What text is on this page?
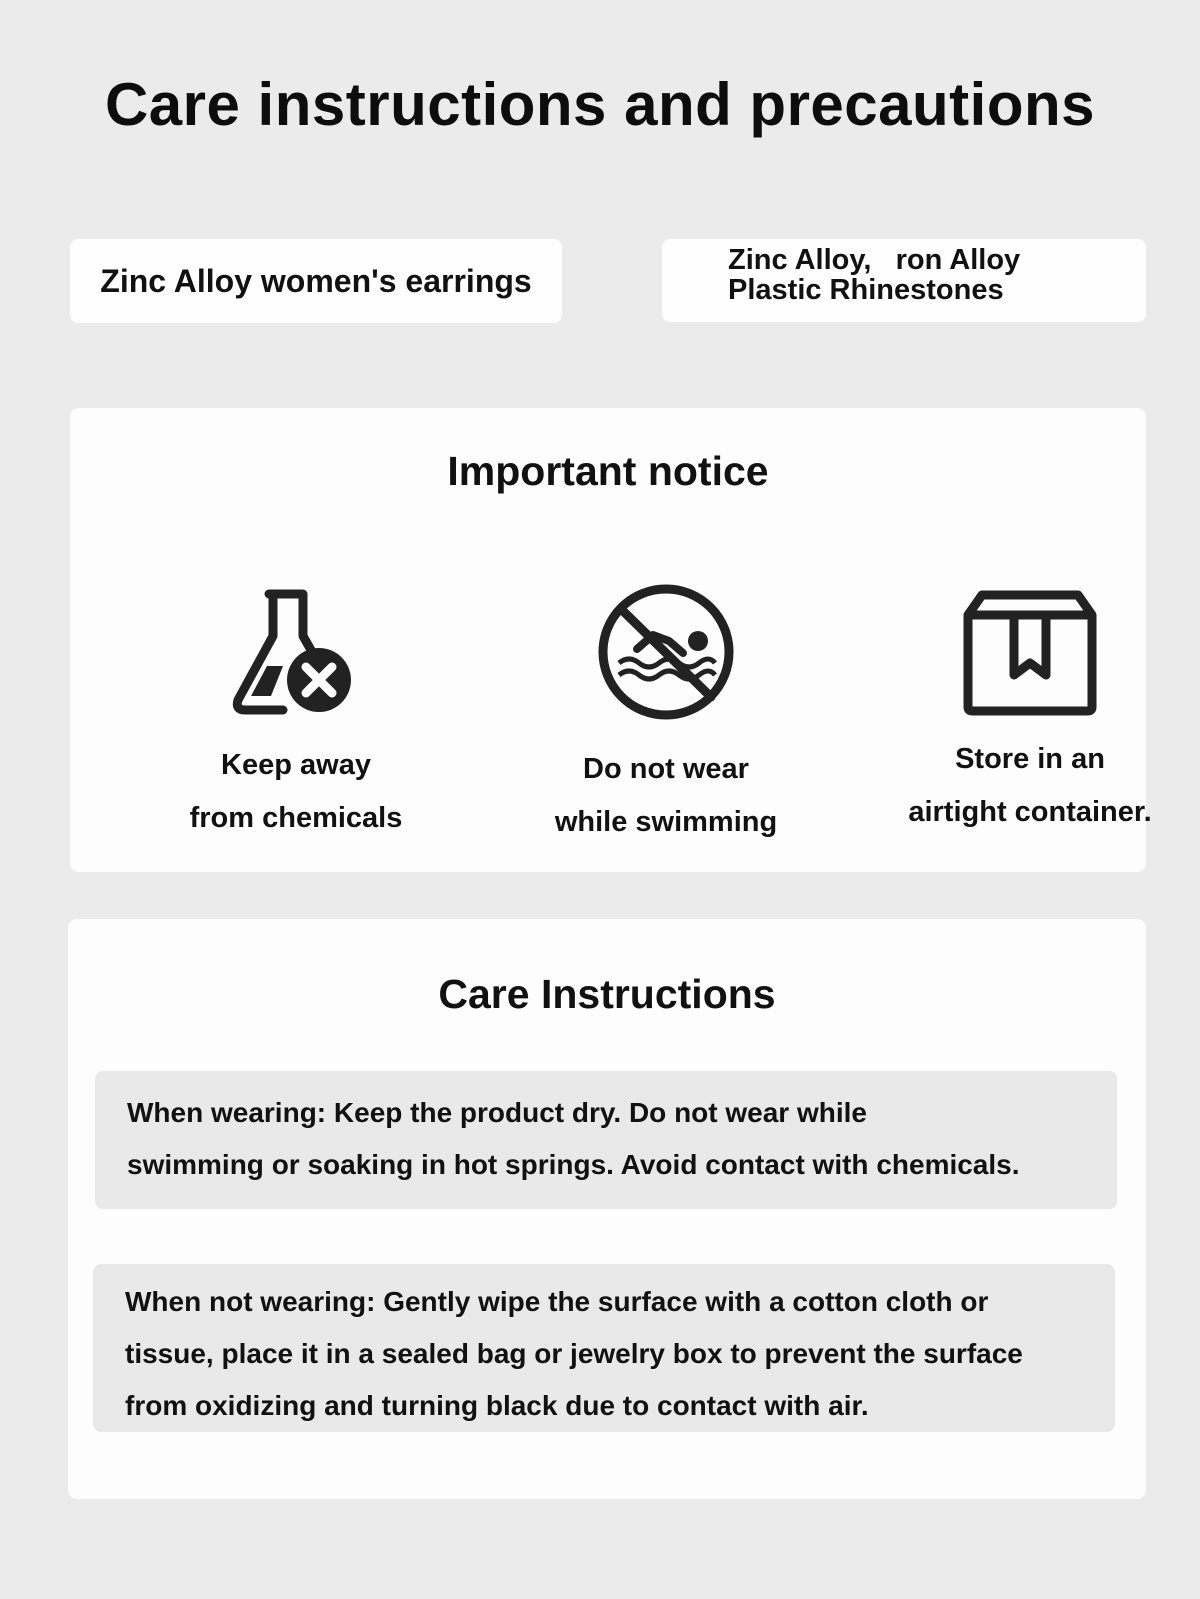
Care instructions and precautions
Zinc Alloy women's earrings
Zinc Alloy,   ron Alloy
Plastic Rhinestones
Important notice
Keep away
from chemicals
Do not wear
while swimming
Store in an
airtight container.
Care Instructions
When wearing: Keep the product dry. Do not wear while
swimming or soaking in hot springs. Avoid contact with chemicals.
When not wearing: Gently wipe the surface with a cotton cloth or
tissue, place it in a sealed bag or jewelry box to prevent the surface
from oxidizing and turning black due to contact with air.
